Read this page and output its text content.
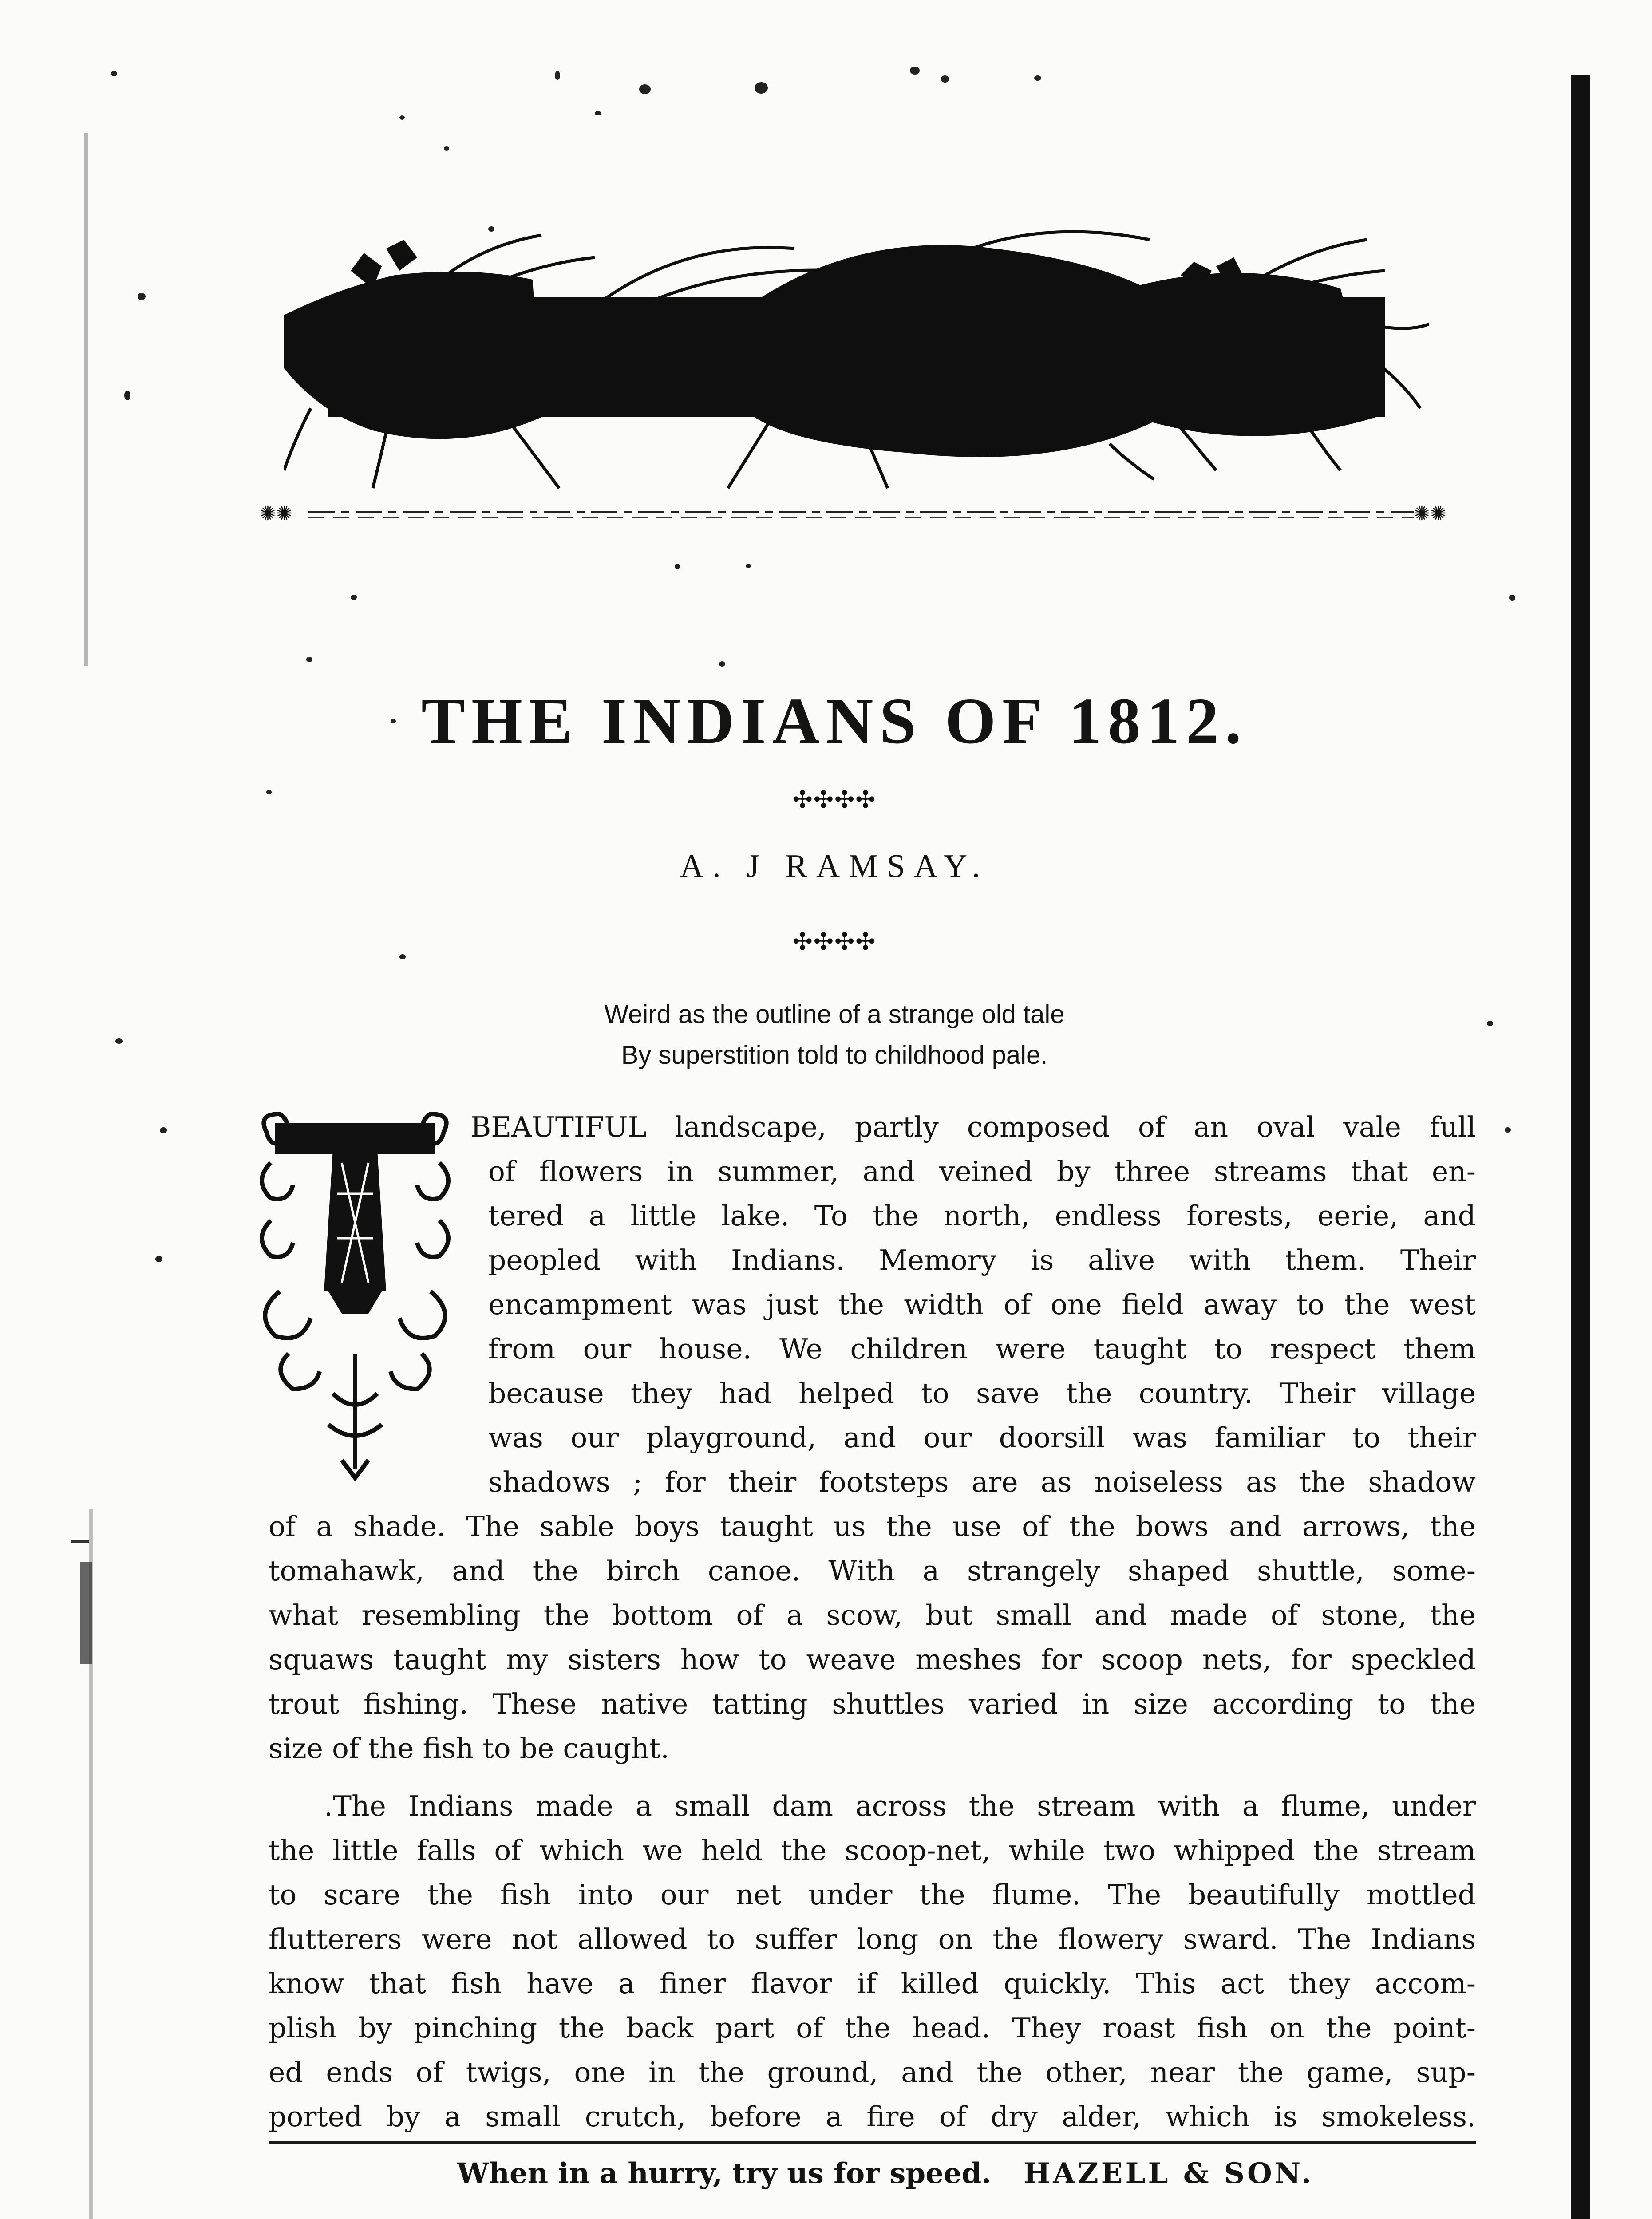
✺✺	✺✺
THE INDIANS OF 1812.
✣✣✣✣
A. J RAMSAY.
✣✣✣✣
Weird as the outline of a strange old tale
By superstition told to childhood pale.
BEAUTIFUL landscape, partly composed of an oval vale full
of flowers in summer, and veined by three streams that en-
tered a little lake. To the north, endless forests, eerie, and
peopled with Indians. Memory is alive with them. Their
encampment was just the width of one field away to the west
from our house. We children were taught to respect them
because they had helped to save the country. Their village
was our playground, and our doorsill was familiar to their
shadows ; for their footsteps are as noiseless as the shadow
of a shade. The sable boys taught us the use of the bows and arrows, the
tomahawk, and the birch canoe. With a strangely shaped shuttle, some-
what resembling the bottom of a scow, but small and made of stone, the
squaws taught my sisters how to weave meshes for scoop nets, for speckled
trout fishing. These native tatting shuttles varied in size according to the
size of the fish to be caught.
.The Indians made a small dam across the stream with a flume, under
the little falls of which we held the scoop-net, while two whipped the stream
to scare the fish into our net under the flume. The beautifully mottled
flutterers were not allowed to suffer long on the flowery sward. The Indians
know that fish have a finer flavor if killed quickly. This act they accom-
plish by pinching the back part of the head. They roast fish on the point-
ed ends of twigs, one in the ground, and the other, near the game, sup-
ported by a small crutch, before a fire of dry alder, which is smokeless.
When in a hurry, try us for speed. HAZELL & SON.
